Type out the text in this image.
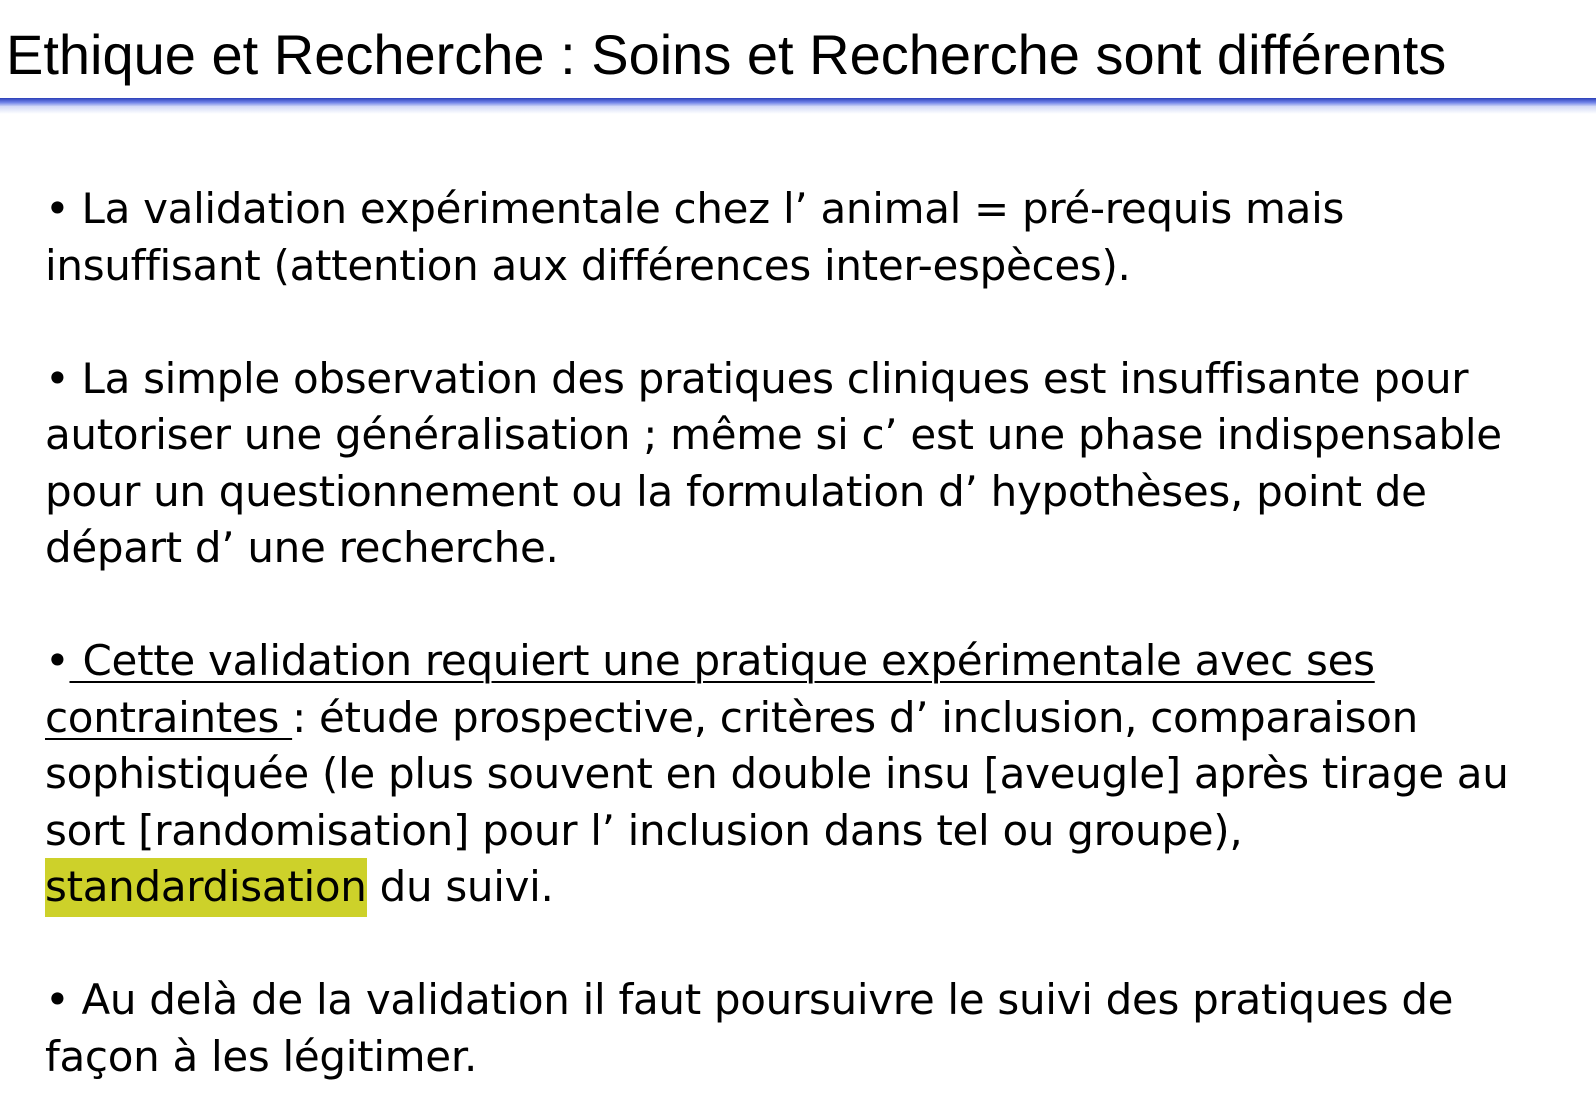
Ethique et Recherche : Soins et Recherche sont différents

• La validation expérimentale chez l’ animal = pré-requis mais insuffisant (attention aux différences inter-espèces).

• La simple observation des pratiques cliniques est insuffisante pour autoriser une généralisation ; même si c’ est une phase indispensable pour un questionnement ou la formulation d’ hypothèses, point de départ d’ une recherche.

• Cette validation requiert une pratique expérimentale avec ses contraintes : étude prospective, critères d’ inclusion, comparaison sophistiquée (le plus souvent en double insu [aveugle] après tirage au sort [randomisation] pour l’ inclusion dans tel ou groupe), standardisation du suivi.

• Au delà de la validation il faut poursuivre le suivi des pratiques de façon à les légitimer.
